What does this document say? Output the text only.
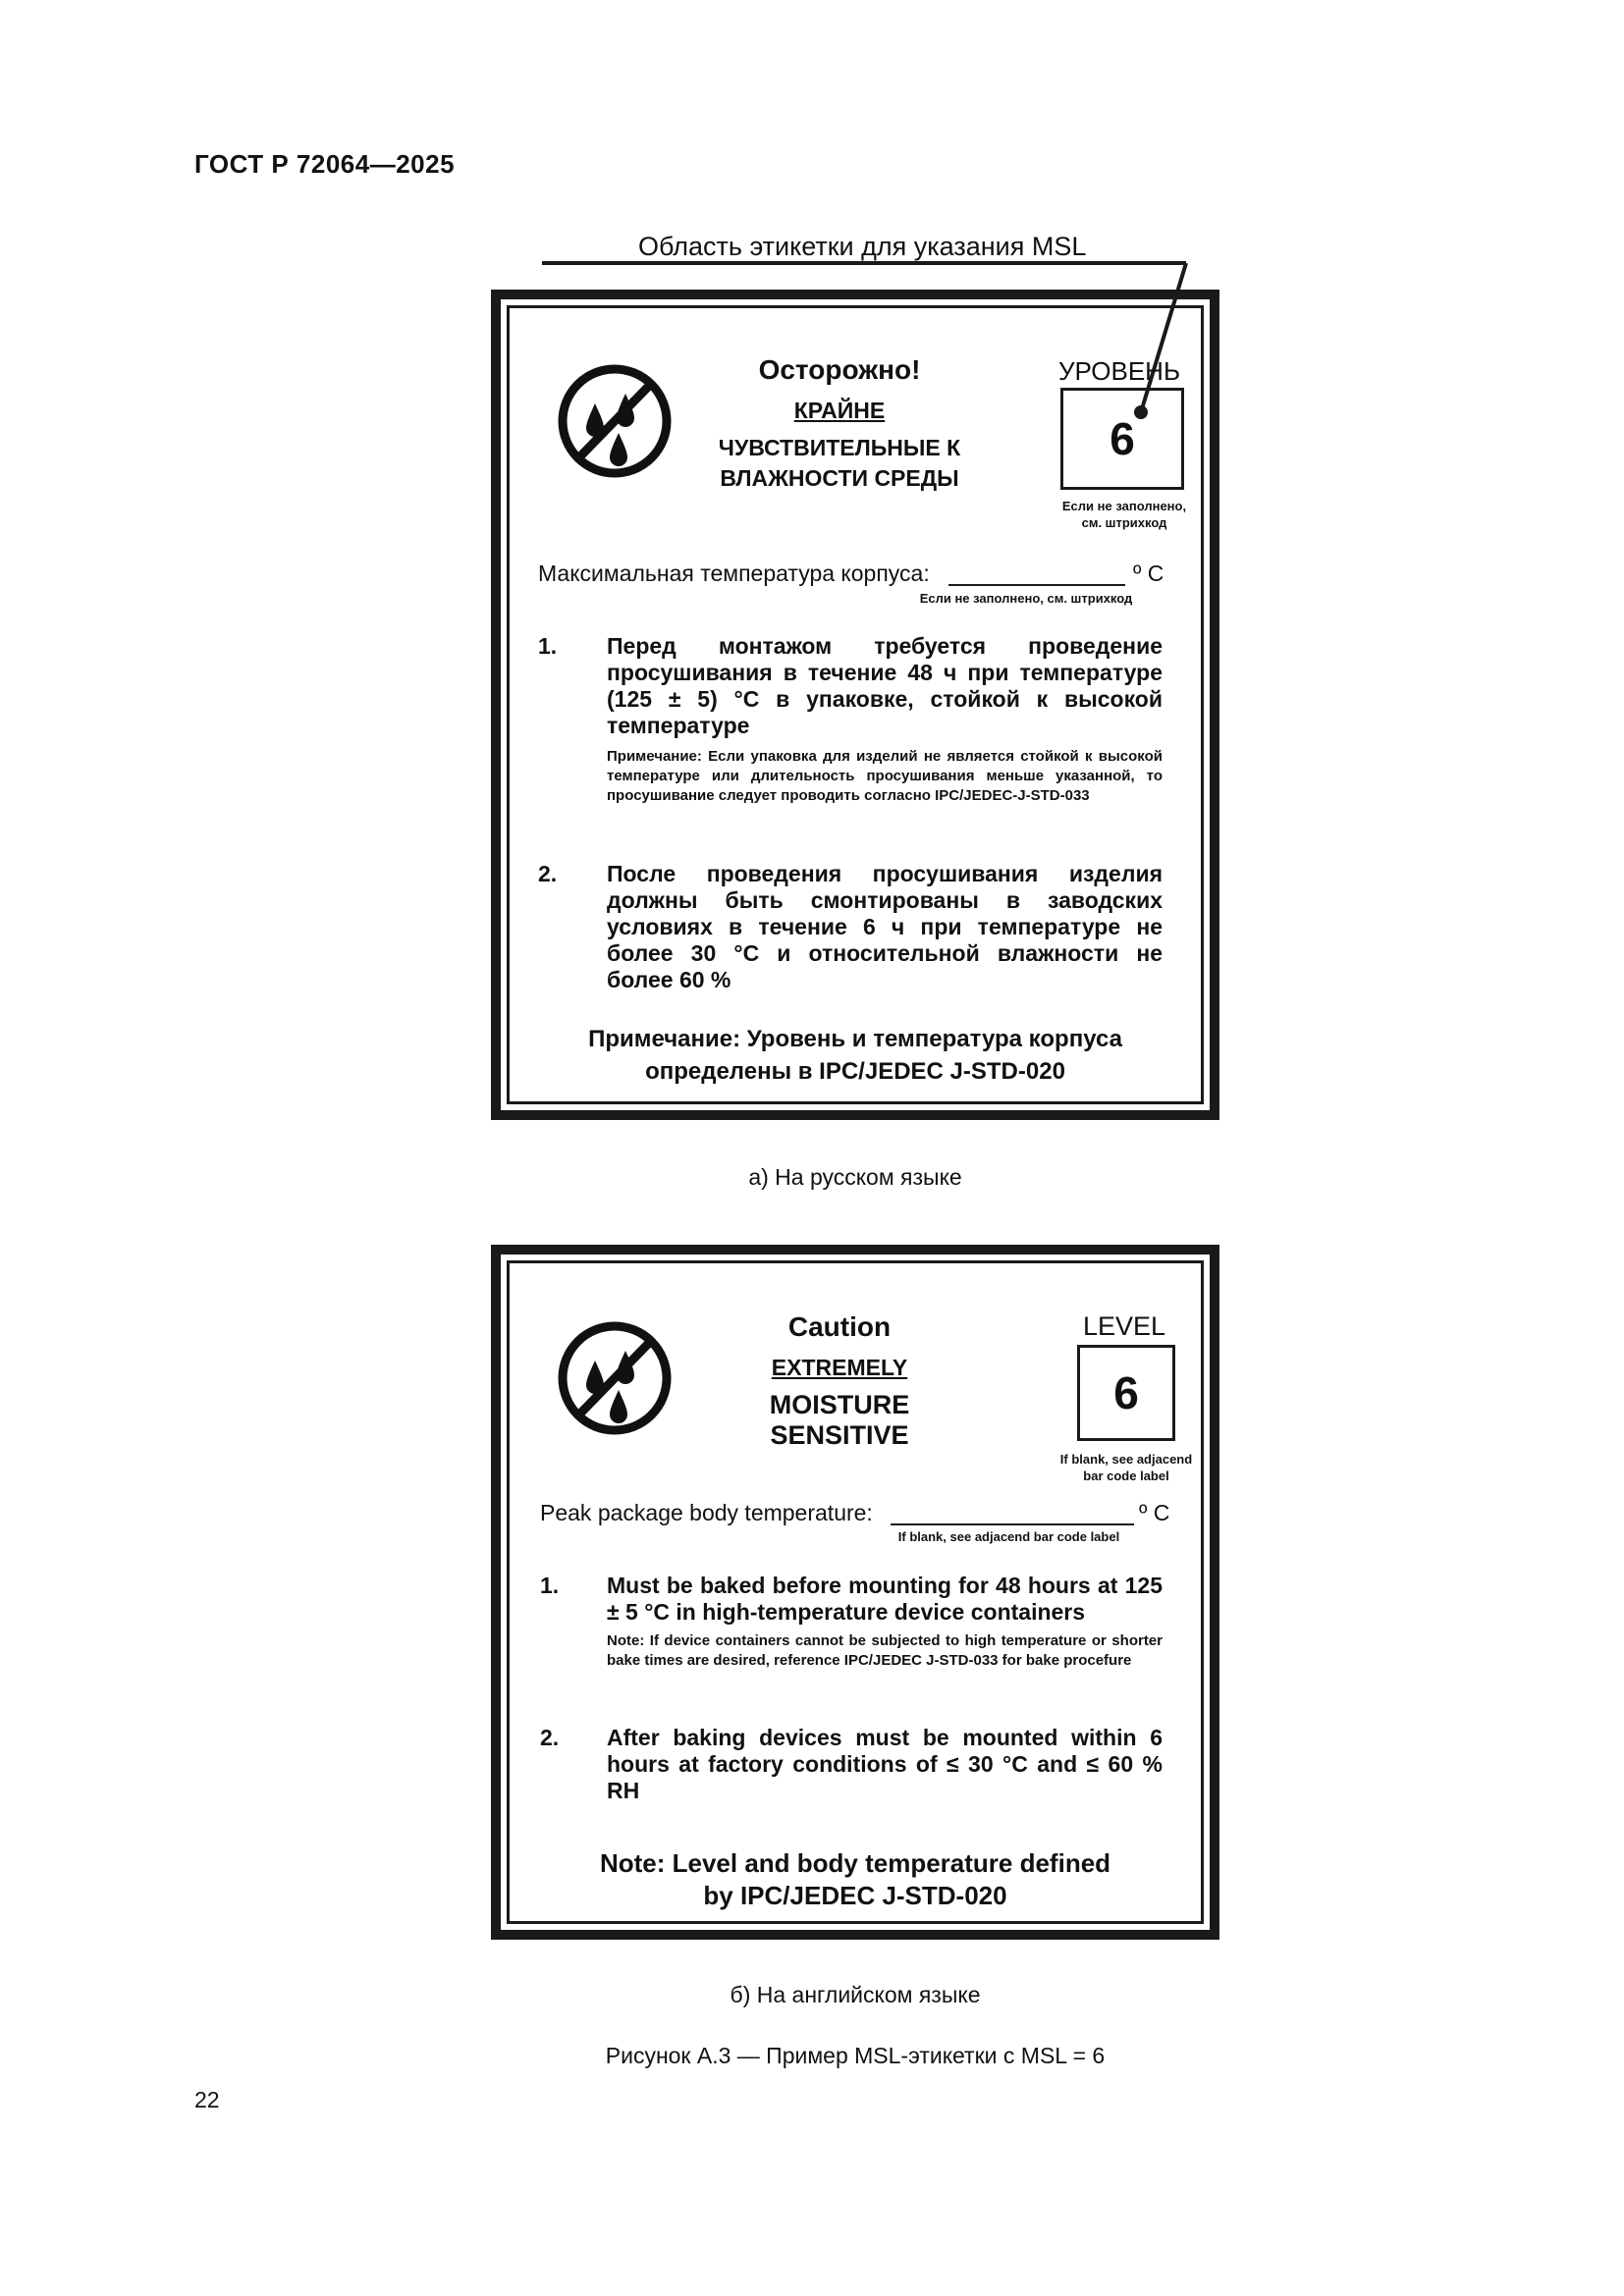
ГОСТ Р 72064—2025
Область этикетки для указания MSL
Осторожно!
КРАЙНЕ
ЧУВСТВИТЕЛЬНЫЕ К
ВЛАЖНОСТИ СРЕДЫ
УРОВЕНЬ
6
Если не заполнено,
см. штрихкод
Максимальная температура корпуса:	º C
Если не заполнено, см. штрихкод
1. Перед монтажом требуется проведение просушивания в течение 48 ч при температуре (125 ± 5) °С в упаковке, стойкой к высокой температуре
Примечание: Если упаковка для изделий не является стойкой к высокой температуре или длительность просушивания меньше указанной, то просушивание следует проводить согласно IPC/JEDEC-J-STD-033
2. После проведения просушивания изделия должны быть смонтированы в заводских условиях в течение 6 ч при температуре не более 30 °С и относительной влажности не более 60 %
Примечание: Уровень и температура корпуса
определены в IPC/JEDEC J-STD-020
а) На русском языке
Caution
EXTREMELY
MOISTURE SENSITIVE
LEVEL
6
If blank, see adjacend
bar code label
Peak package body temperature:	º C
If blank, see adjacend bar code label
1. Must be baked before mounting for 48 hours at 125 ± 5 °C in high-temperature device containers
Note: If device containers cannot be subjected to high temperature or shorter bake times are desired, reference IPC/JEDEC J-STD-033 for bake procefure
2. After baking devices must be mounted within 6 hours at factory conditions of ≤ 30 °C and ≤ 60 % RH
Note: Level and body temperature defined
by IPC/JEDEC J-STD-020
б) На английском языке
Рисунок А.3 — Пример MSL-этикетки с MSL = 6
22
